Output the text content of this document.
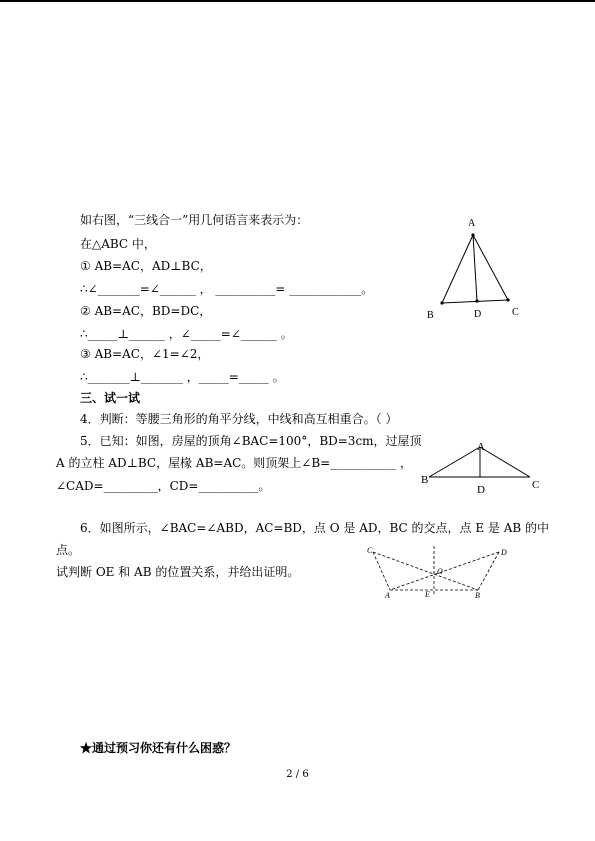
如右图，“三线合一”用几何语言来表示为：
在△ABC 中，
① AB=AC，AD⊥BC，
∴∠_______=∠______ ， __________= ____________。
② AB=AC，BD=DC，
∴_____⊥______ ，∠_____=∠______ 。
③ AB=AC，∠1=∠2，
∴_______⊥_______ ，_____=_____ 。
三、试一试
4．判断：等腰三角形的角平分线，中线和高互相重合。（ ）
5．已知：如图，房屋的顶角∠BAC=100°，BD=3cm，过屋顶
A 的立柱 AD⊥BC，屋椽 AB=AC。则顶架上∠B=___________ ，
∠CAD=_________，CD=__________。
6．如图所示，∠BAC=∠ABD，AC=BD，点 O 是 AD，BC 的交点，点 E 是 AB 的中
点。
试判断 OE 和 AB 的位置关系，并给出证明。
★通过预习你还有什么困惑？
2 / 6
A
B	C
D
A
B	C
D
C	D
A	B
O
E
